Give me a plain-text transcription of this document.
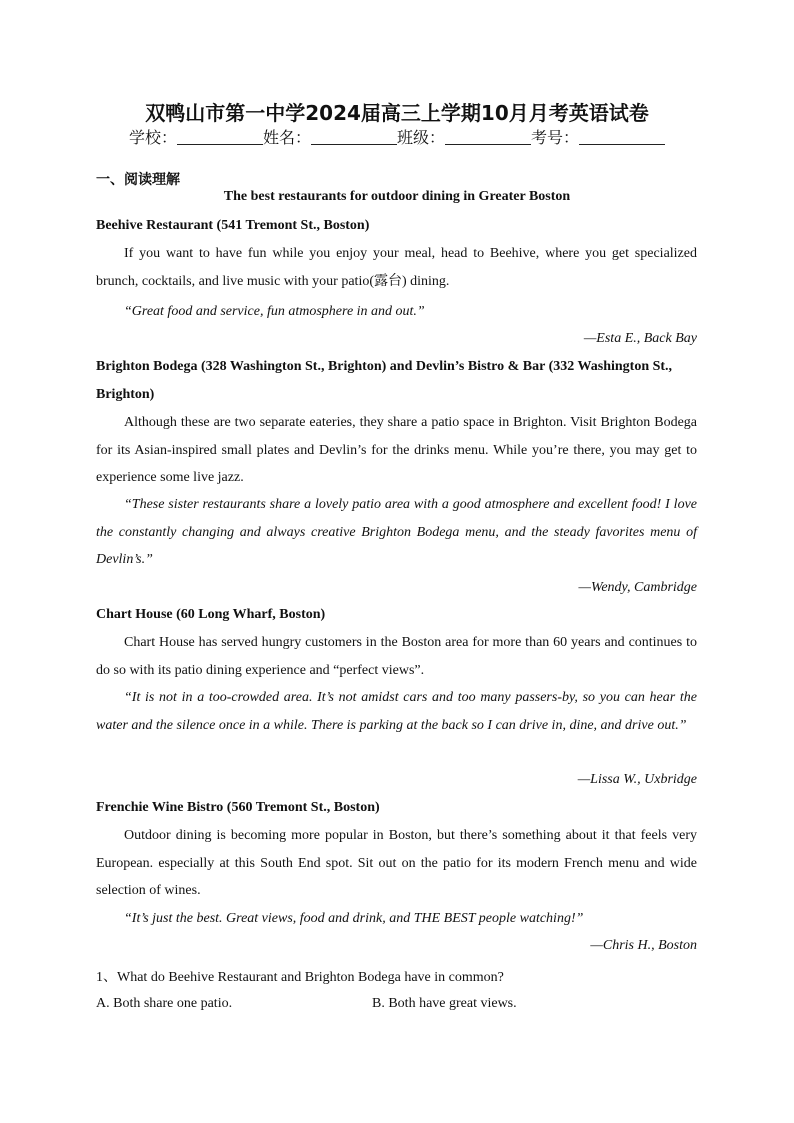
双鸭山市第一中学2024届高三上学期10月月考英语试卷
学校：	姓名：	班级：	考号：
一、阅读理解

The best restaurants for outdoor dining in Greater Boston

Beehive Restaurant (541 Tremont St., Boston)

If you want to have fun while you enjoy your meal, head to Beehive, where you get specialized brunch, cocktails, and live music with your patio(露台) dining.

“Great food and service, fun atmosphere in and out.”

—Esta E., Back Bay

Brighton Bodega (328 Washington St., Brighton) and Devlin’s Bistro & Bar (332 Washington St., Brighton)

Although these are two separate eateries, they share a patio space in Brighton. Visit Brighton Bodega for its Asian-inspired small plates and Devlin’s for the drinks menu. While you’re there, you may get to experience some live jazz.

“These sister restaurants share a lovely patio area with a good atmosphere and excellent food! I love the constantly changing and always creative Brighton Bodega menu, and the steady favorites menu of Devlin’s.”

—Wendy, Cambridge

Chart House (60 Long Wharf, Boston)

Chart House has served hungry customers in the Boston area for more than 60 years and continues to do so with its patio dining experience and “perfect views”.

“It is not in a too-crowded area. It’s not amidst cars and too many passers-by, so you can hear the water and the silence once in a while. There is parking at the back so I can drive in, dine, and drive out.”

—Lissa W., Uxbridge

Frenchie Wine Bistro (560 Tremont St., Boston)

Outdoor dining is becoming more popular in Boston, but there’s something about it that feels very European. especially at this South End spot. Sit out on the patio for its modern French menu and wide selection of wines.

“It’s just the best. Great views, food and drink, and THE BEST people watching!”

—Chris H., Boston

1、What do Beehive Restaurant and Brighton Bodega have in common?

A. Both share one patio.	B. Both have great views.
